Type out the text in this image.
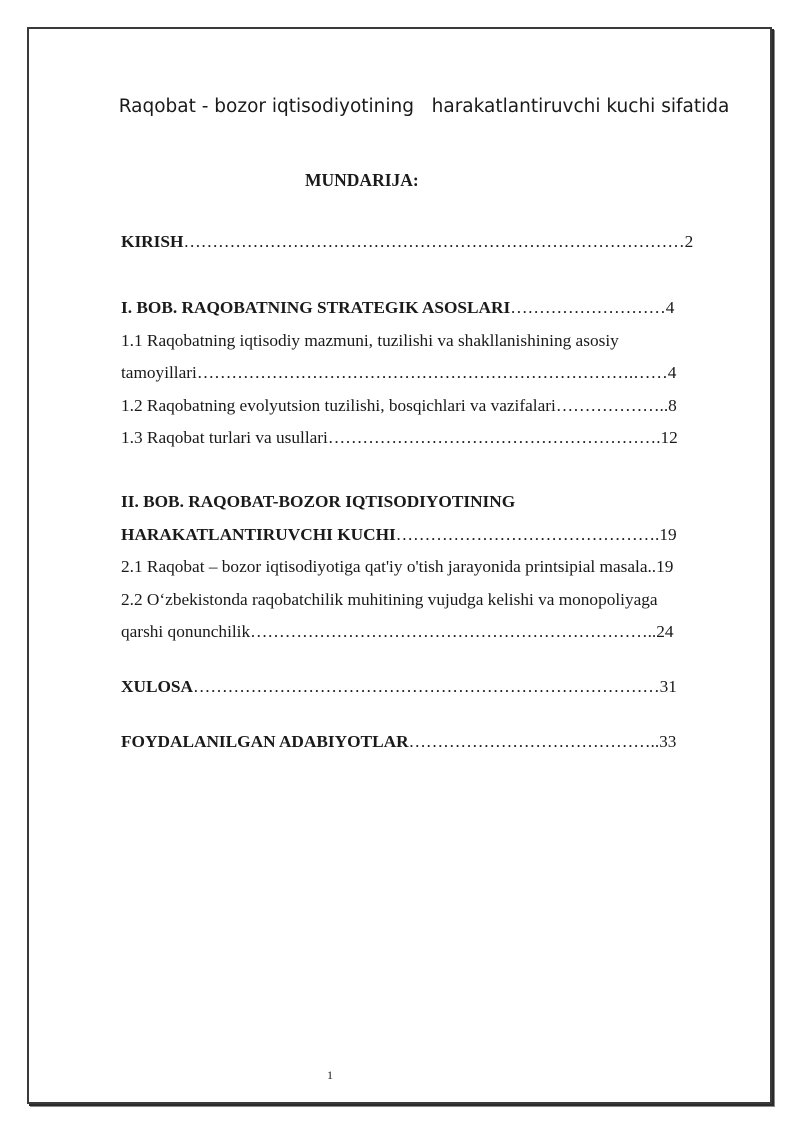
Raqobat - bozor iqtisodiyotining   harakatlantiruvchi kuchi sifatida
MUNDARIJA:
KIRISH……………………………………………………………………………2
I. BOB. RAQOBATNING STRATEGIK ASOSLARI………………………4
1.1 Raqobatning iqtisodiy mazmuni, tuzilishi va shakllanishining asosiy
tamoyillari………………………………………………………………….……4
1.2 Raqobatning evolyutsion tuzilishi, bosqichlari va vazifalari………………..8
1.3 Raqobat turlari va usullari………………………………………………….12
II. BOB. RAQOBAT-BOZOR IQTISODIYOTINING
HARAKATLANTIRUVCHI KUCHI……………………………………….19
2.1 Raqobat – bozor iqtisodiyotiga qat'iy o'tish jarayonida printsipial masala..19
2.2 O‘zbekistonda raqobatchilik muhitining vujudga kelishi va monopoliyaga
qarshi qonunchilik……………………………………………………………..24
XULOSA………………………………………………………………………31
FOYDALANILGAN ADABIYOTLAR……………………………………..33
1
